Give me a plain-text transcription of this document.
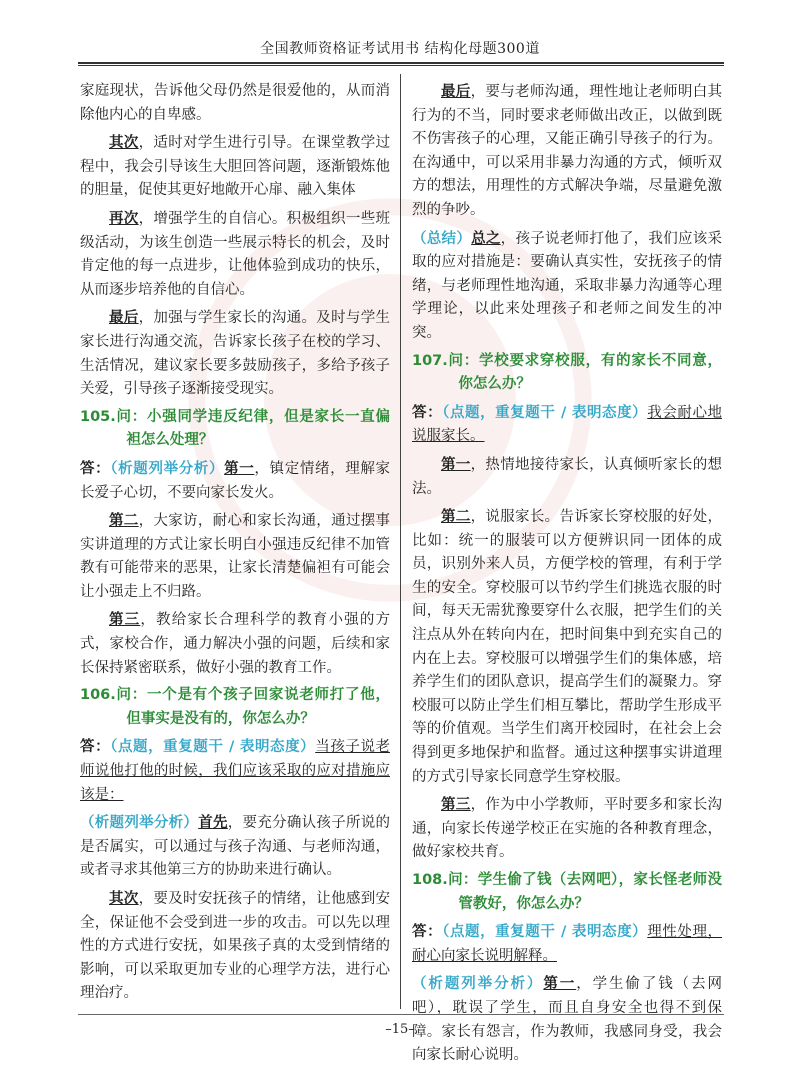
全国教师资格证考试用书 结构化母题300道

家庭现状，告诉他父母仍然是很爱他的，从而消除他内心的自卑感。

其次，适时对学生进行引导。在课堂教学过程中，我会引导该生大胆回答问题，逐渐锻炼他的胆量，促使其更好地敞开心扉、融入集体

再次，增强学生的自信心。积极组织一些班级活动，为该生创造一些展示特长的机会，及时肯定他的每一点进步，让他体验到成功的快乐，从而逐步培养他的自信心。

最后，加强与学生家长的沟通。及时与学生家长进行沟通交流，告诉家长孩子在校的学习、生活情况，建议家长要多鼓励孩子，多给予孩子关爱，引导孩子逐渐接受现实。

105.问：小强同学违反纪律，但是家长一直偏袒怎么处理？

答：（析题列举分析）第一，镇定情绪，理解家长爱子心切，不要向家长发火。

第二，大家访，耐心和家长沟通，通过摆事实讲道理的方式让家长明白小强违反纪律不加管教有可能带来的恶果，让家长清楚偏袒有可能会让小强走上不归路。

第三，教给家长合理科学的教育小强的方式，家校合作，通力解决小强的问题，后续和家长保持紧密联系，做好小强的教育工作。

106.问：一个是有个孩子回家说老师打了他，但事实是没有的，你怎么办？

答：（点题，重复题干 / 表明态度）当孩子说老师说他打他的时候，我们应该采取的应对措施应该是：

（析题列举分析）首先，要充分确认孩子所说的是否属实，可以通过与孩子沟通、与老师沟通，或者寻求其他第三方的协助来进行确认。

其次，要及时安抚孩子的情绪，让他感到安全，保证他不会受到进一步的攻击。可以先以理性的方式进行安抚，如果孩子真的太受到情绪的影响，可以采取更加专业的心理学方法，进行心理治疗。

最后，要与老师沟通，理性地让老师明白其行为的不当，同时要求老师做出改正，以做到既不伤害孩子的心理，又能正确引导孩子的行为。在沟通中，可以采用非暴力沟通的方式，倾听双方的想法，用理性的方式解决争端，尽量避免激烈的争吵。

（总结）总之，孩子说老师打他了，我们应该采取的应对措施是：要确认真实性，安抚孩子的情绪，与老师理性地沟通，采取非暴力沟通等心理学理论，以此来处理孩子和老师之间发生的冲突。

107.问：学校要求穿校服，有的家长不同意，你怎么办？

答：（点题，重复题干 / 表明态度）我会耐心地说服家长。

第一，热情地接待家长，认真倾听家长的想法。

第二，说服家长。告诉家长穿校服的好处，比如：统一的服装可以方便辨识同一团体的成员，识别外来人员，方便学校的管理，有利于学生的安全。穿校服可以节约学生们挑选衣服的时间，每天无需犹豫要穿什么衣服，把学生们的关注点从外在转向内在，把时间集中到充实自己的内在上去。穿校服可以增强学生们的集体感，培养学生们的团队意识，提高学生们的凝聚力。穿校服可以防止学生们相互攀比，帮助学生形成平等的价值观。当学生们离开校园时，在社会上会得到更多地保护和监督。通过这种摆事实讲道理的方式引导家长同意学生穿校服。

第三，作为中小学教师，平时要多和家长沟通，向家长传递学校正在实施的各种教育理念，做好家校共育。

108.问：学生偷了钱（去网吧），家长怪老师没管教好，你怎么办？

答：（点题，重复题干 / 表明态度）理性处理，耐心向家长说明解释。

（析题列举分析）第一，学生偷了钱（去网吧），耽误了学生，而且自身安全也得不到保障。家长有怨言，作为教师，我感同身受，我会向家长耐心说明。

–15–
